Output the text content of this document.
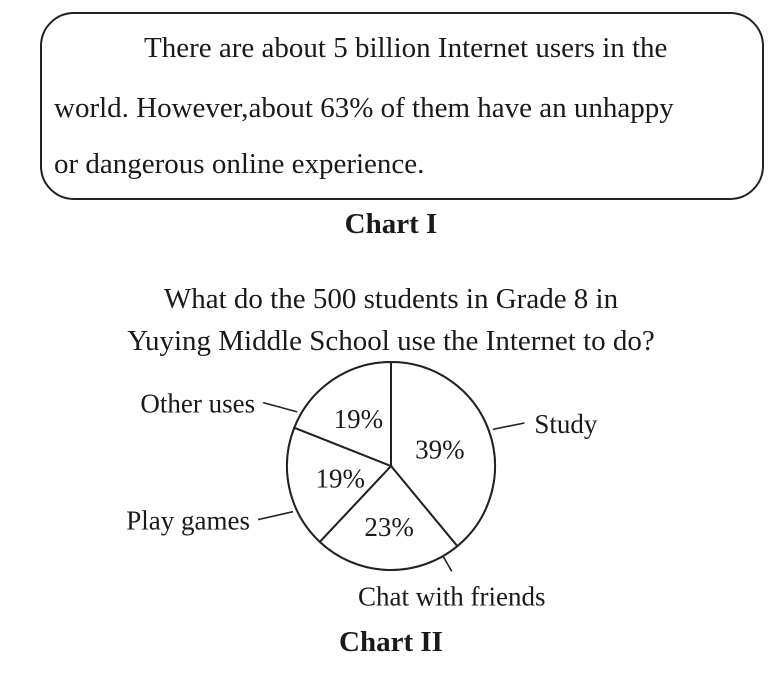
There are about 5 billion Internet users in the

world. However,about 63% of them have an unhappy

or dangerous online experience.

Chart I

What do the 500 students in Grade 8 in

Yuying Middle School use the Internet to do?

39%
Study
23%
Chat with friends
19%
Play games
19%
Other uses

Chart II
